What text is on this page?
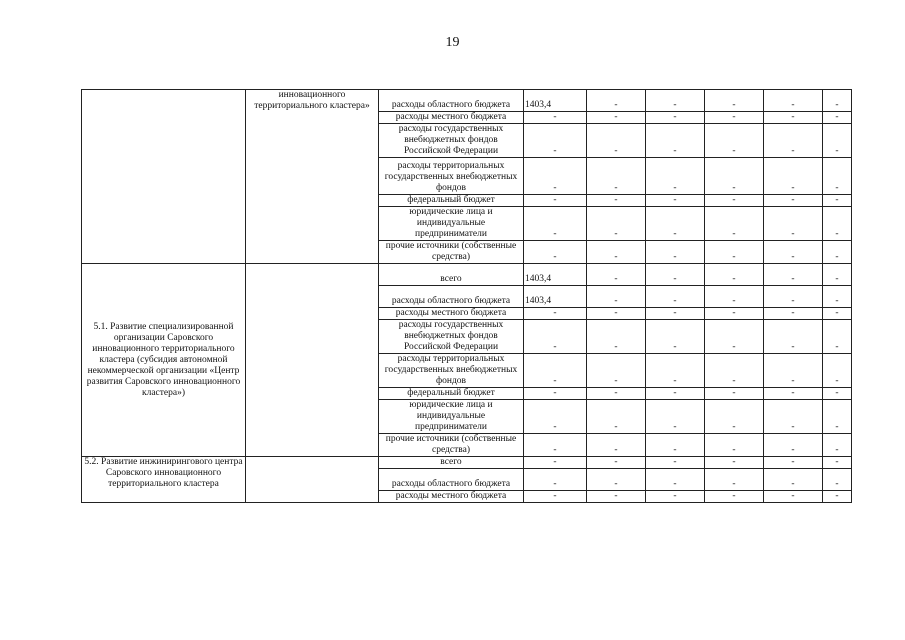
19
	инновационного территориального кластера»	расходы областного бюджета	1403,4	-	-	-	-	-
		расходы местного бюджета	-	-	-	-	-	-
		расходы государственных внебюджетных фондов Российской Федерации	-	-	-	-	-	-
		расходы территориальных государственных внебюджетных фондов	-	-	-	-	-	-
		федеральный бюджет	-	-	-	-	-	-
		юридические лица и индивидуальные предприниматели	-	-	-	-	-	-
		прочие источники (собственные средства)	-	-	-	-	-	-
5.1. Развитие специализированной организации Саровского инновационного территориального кластера (субсидия автономной некоммерческой организации «Центр развития Саровского инновационного кластера»)		всего	1403,4	-	-	-	-	-
		расходы областного бюджета	1403,4	-	-	-	-	-
		расходы местного бюджета	-	-	-	-	-	-
		расходы государственных внебюджетных фондов Российской Федерации	-	-	-	-	-	-
		расходы территориальных государственных внебюджетных фондов	-	-	-	-	-	-
		федеральный бюджет	-	-	-	-	-	-
		юридические лица и индивидуальные предприниматели	-	-	-	-	-	-
		прочие источники (собственные средства)	-	-	-	-	-	-
5.2. Развитие инжинирингового центра Саровского инновационного территориального кластера		всего	-	-	-	-	-	-
		расходы областного бюджета	-	-	-	-	-	-
		расходы местного бюджета	-	-	-	-	-	-
